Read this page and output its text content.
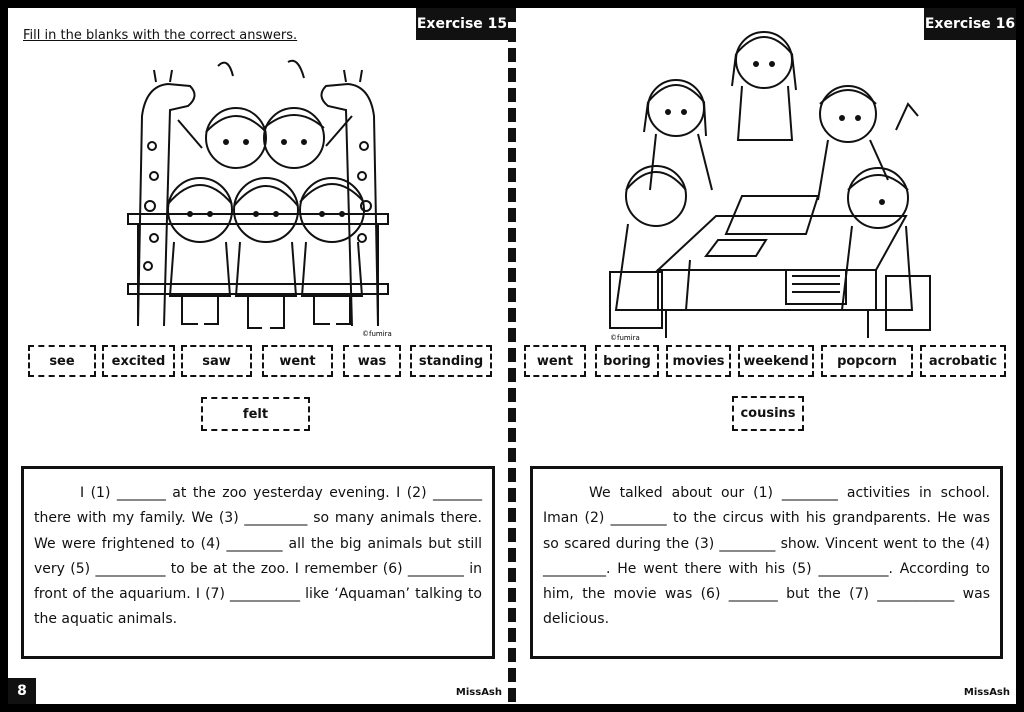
Exercise 15
Fill in the blanks with the correct answers.
©fumira
see	excited	saw	went	was	standing
felt

I (1) _______ at the zoo yesterday evening. I (2) _______ there with my family. We (3) _________ so many animals there. We were frightened to (4) ________ all the big animals but still very (5) __________ to be at the zoo. I remember (6) ________ in front of the aquarium. I (7) __________ like ‘Aquaman’ talking to the aquatic animals.

8	MissAsh
Exercise 16
©fumira
went	boring	movies	weekend	popcorn	acrobatic
cousins

We talked about our (1) ________ activities in school. Iman (2) ________ to the circus with his grandparents. He was so scared during the (3) ________ show. Vincent went to the (4) _________. He went there with his (5) __________. According to him, the movie was (6) _______ but the (7) ___________ was delicious.

MissAsh
